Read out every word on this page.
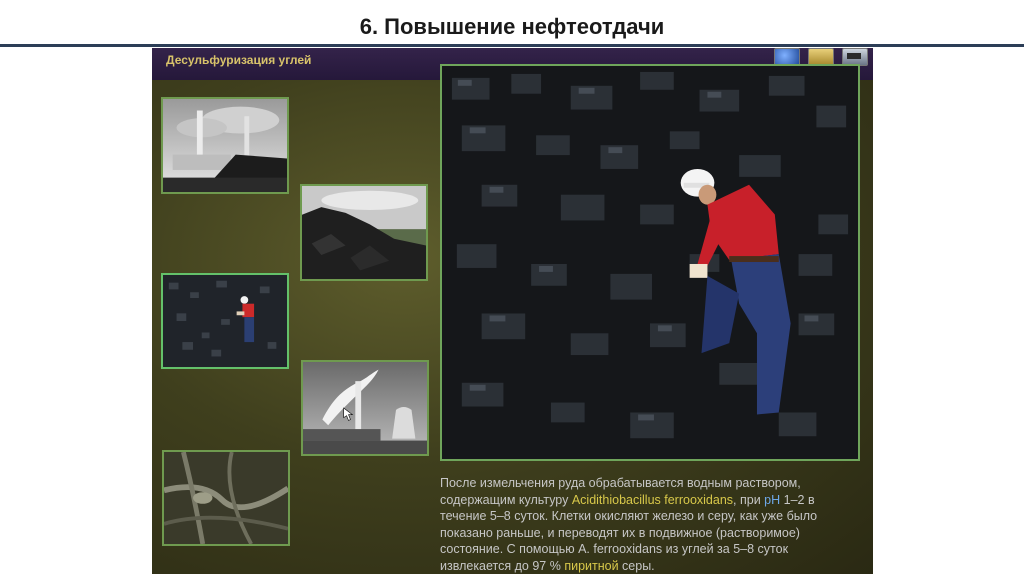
6. Повышение нефтеотдачи
Десульфуризация углей
После измельчения руда обрабатывается водным раствором, содержащим культуру Acidithiobacillus ferrooxidans, при pH 1–2 в течение 5–8 суток. Клетки окисляют железо и серу, как уже было показано раньше, и переводят их в подвижное (растворимое) состояние. С помощью A. ferrooxidans из углей за 5–8 суток извлекается до 97 % пиритной серы.
